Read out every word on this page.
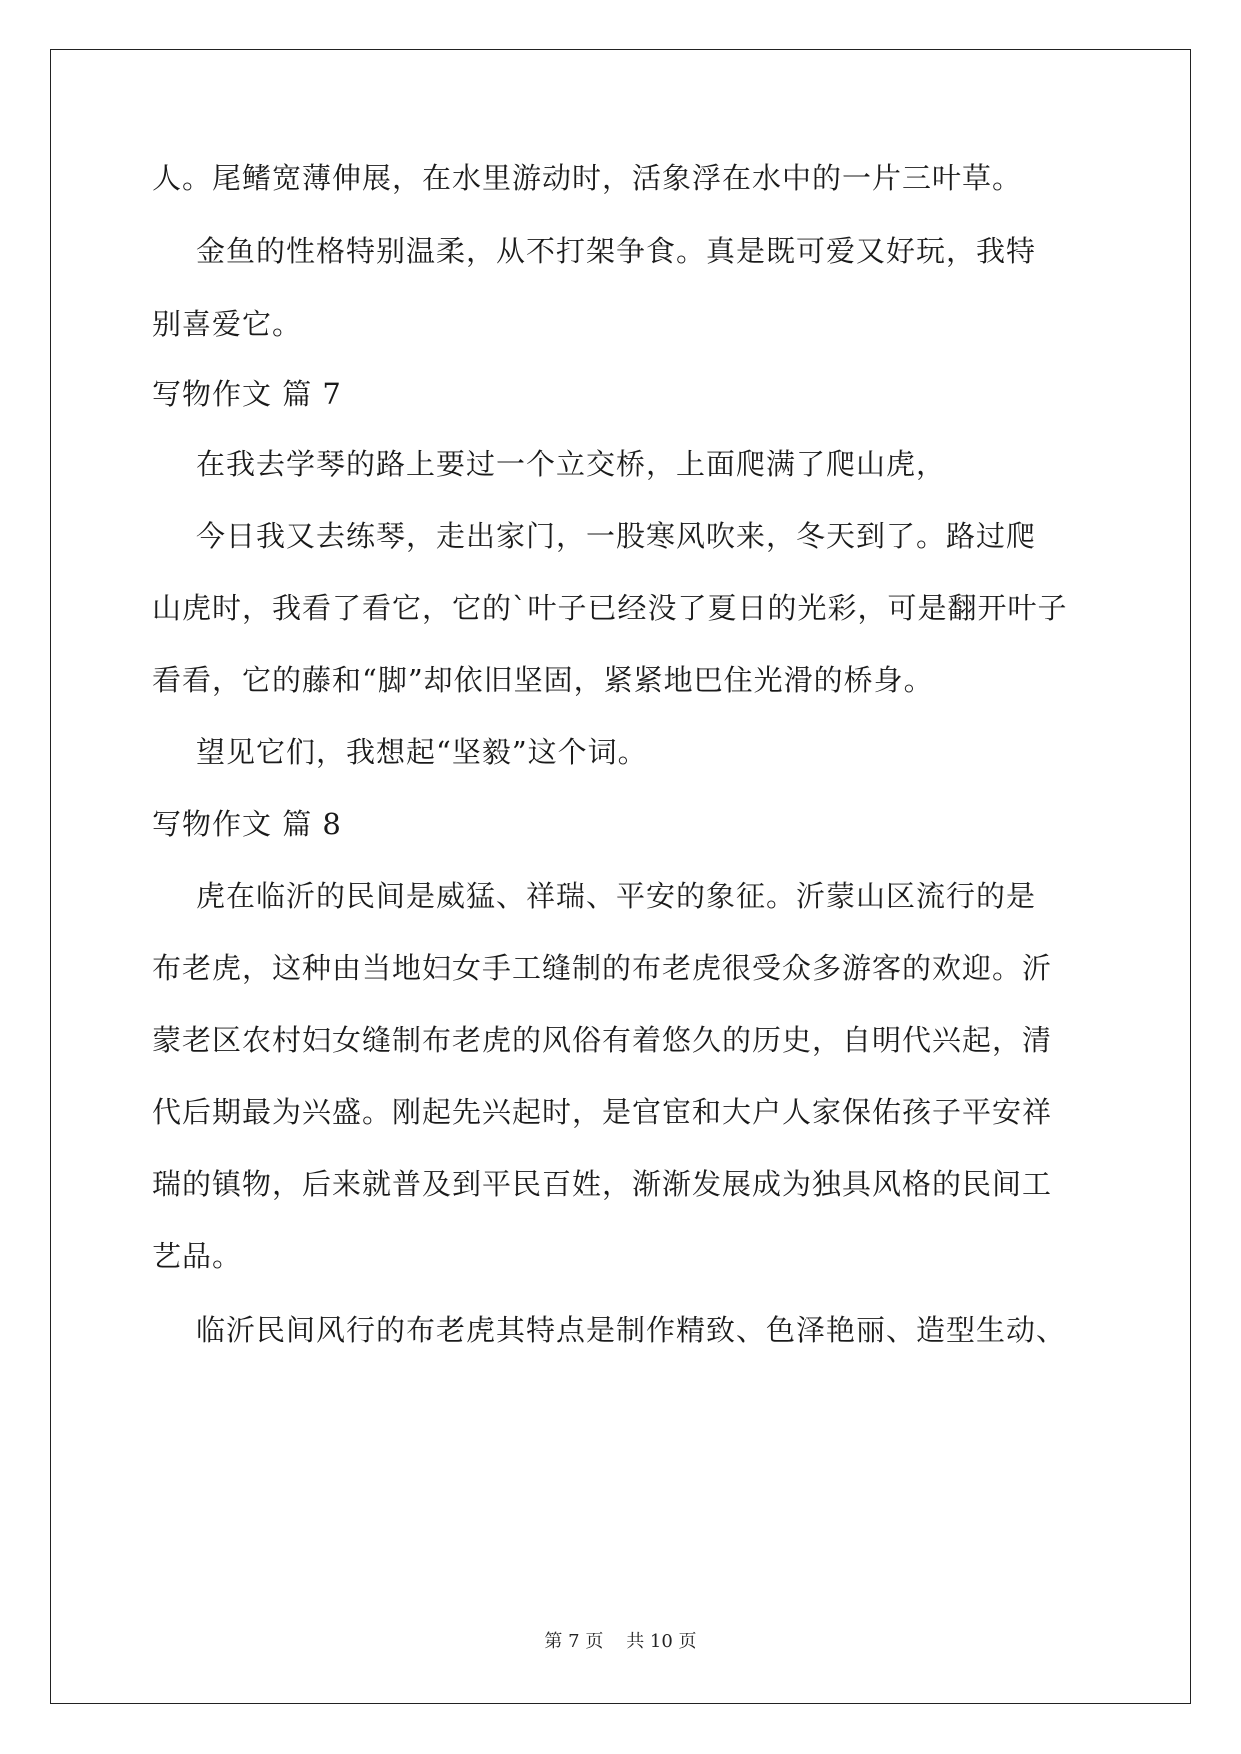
人。尾鳍宽薄伸展，在水里游动时，活象浮在水中的一片三叶草。
金鱼的性格特别温柔，从不打架争食。真是既可爱又好玩，我特
别喜爱它。
写物作文 篇 7
在我去学琴的路上要过一个立交桥，上面爬满了爬山虎，
今日我又去练琴，走出家门，一股寒风吹来，冬天到了。路过爬
山虎时，我看了看它，它的`叶子已经没了夏日的光彩，可是翻开叶子
看看，它的藤和“脚”却依旧坚固，紧紧地巴住光滑的桥身。
望见它们，我想起“坚毅”这个词。
写物作文 篇 8
虎在临沂的民间是威猛、祥瑞、平安的象征。沂蒙山区流行的是
布老虎，这种由当地妇女手工缝制的布老虎很受众多游客的欢迎。沂
蒙老区农村妇女缝制布老虎的风俗有着悠久的历史，自明代兴起，清
代后期最为兴盛。刚起先兴起时，是官宦和大户人家保佑孩子平安祥
瑞的镇物，后来就普及到平民百姓，渐渐发展成为独具风格的民间工
艺品。
临沂民间风行的布老虎其特点是制作精致、色泽艳丽、造型生动、
第 7 页    共 10 页
